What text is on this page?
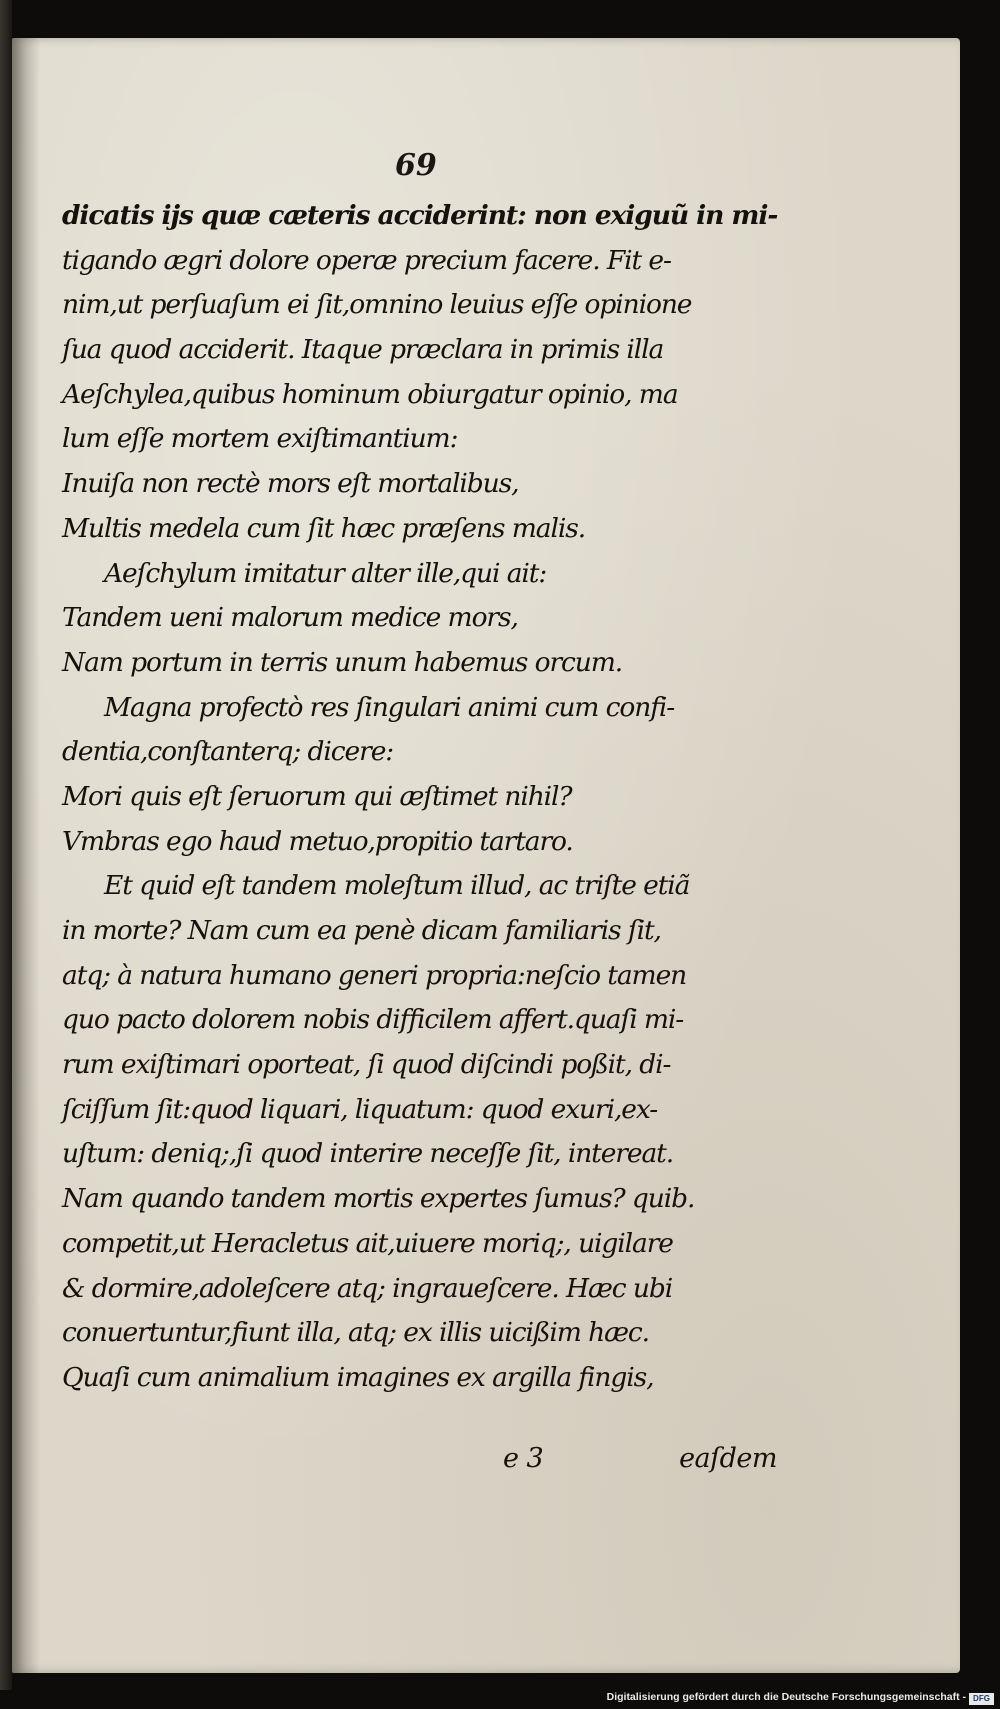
69
dicatis ijs quæ cæteris acciderint: non exiguũ in mi-
tigando ægri dolore operæ precium facere. Fit e-
nim,ut perſuaſum ei ſit,omnino leuius eſſe opinione
ſua quod acciderit. Itaque præclara in primis illa
Aeſchylea,quibus hominum obiurgatur opinio, ma
lum eſſe mortem exiſtimantium:
Inuiſa non rectè mors eſt mortalibus,
Multis medela cum ſit hæc præſens malis.
Aeſchylum imitatur alter ille,qui ait:
Tandem ueni malorum medice mors,
Nam portum in terris unum habemus orcum.
Magna profectò res ſingulari animi cum confi-
dentia,conſtanterq; dicere:
Mori quis eſt ſeruorum qui æſtimet nihil?
Vmbras ego haud metuo,propitio tartaro.
Et quid eſt tandem moleſtum illud, ac triſte etiã
in morte? Nam cum ea penè dicam familiaris ſit,
atq; à natura humano generi propria:neſcio tamen
quo pacto dolorem nobis difficilem affert.quaſi mi-
rum exiſtimari oporteat, ſi quod diſcindi poßit, di-
ſciſſum ſit:quod liquari, liquatum: quod exuri,ex-
uſtum: deniq;,ſi quod interire neceſſe ſit, intereat.
Nam quando tandem mortis expertes ſumus? quib.
competit,ut Heracletus ait,uiuere moriq;, uigilare
& dormire,adoleſcere atq; ingraueſcere. Hæc ubi
conuertuntur,fiunt illa, atq; ex illis uicißim hæc.
Quaſi cum animalium imagines ex argilla fingis,
e 3	eaſdem
Digitalisierung gefördert durch die Deutsche Forschungsgemeinschaft - DFG
